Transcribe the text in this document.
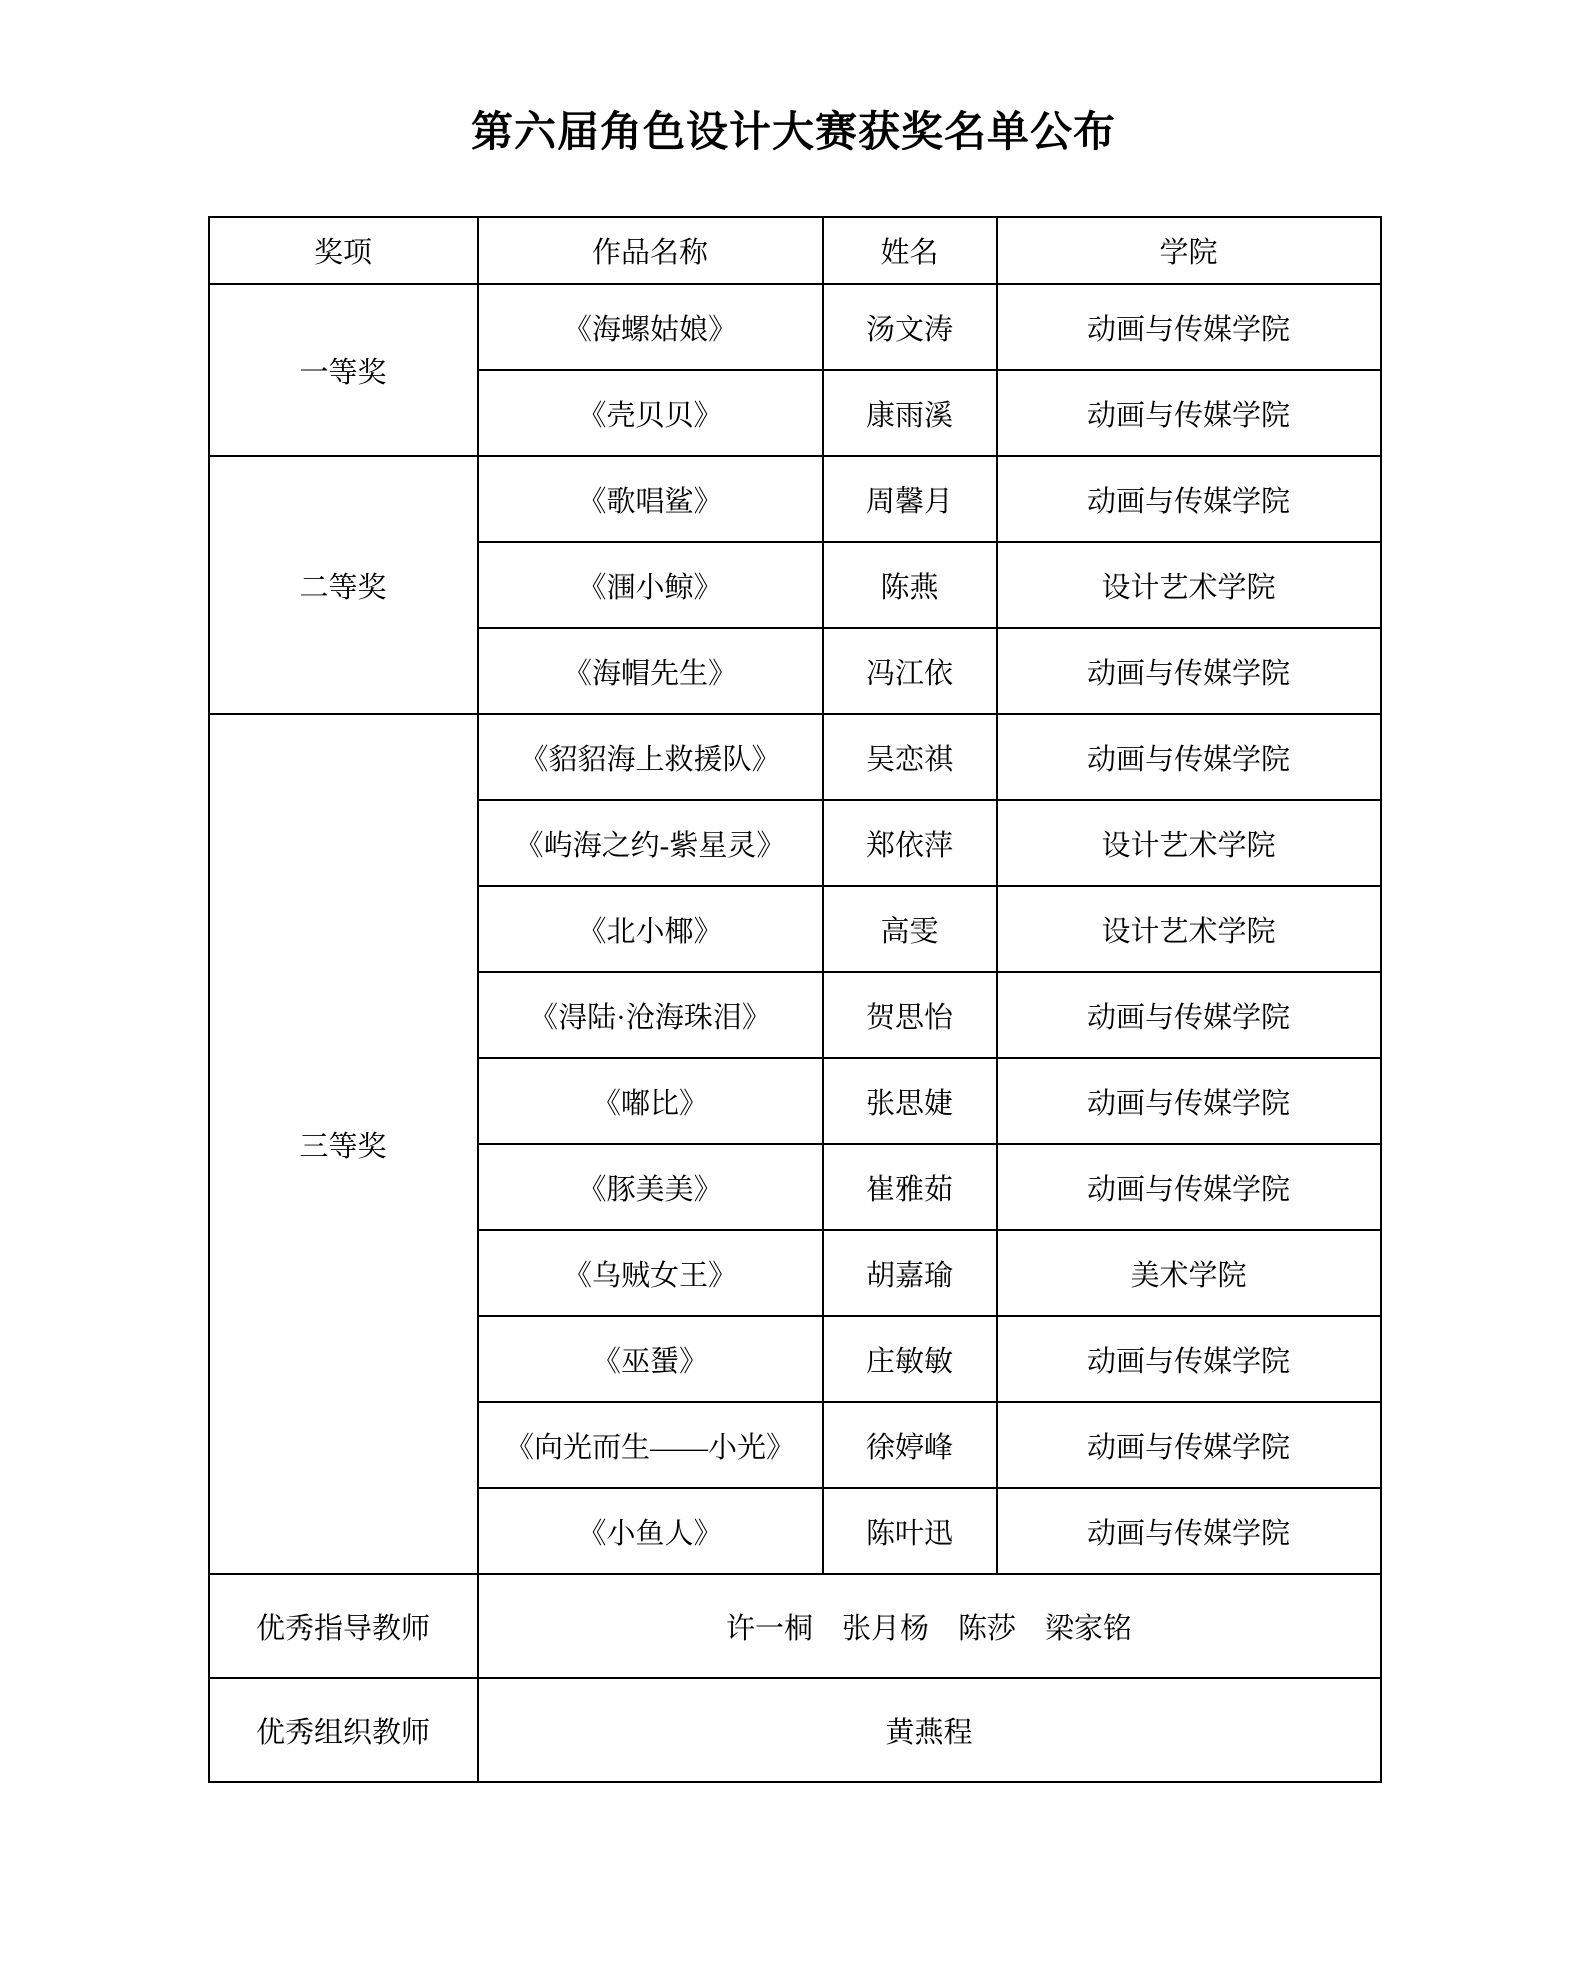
第六届角色设计大赛获奖名单公布
奖项	作品名称	姓名	学院
一等奖	《海螺姑娘》	汤文涛	动画与传媒学院
	《壳贝贝》	康雨溪	动画与传媒学院
二等奖	《歌唱鲨》	周馨月	动画与传媒学院
	《涠小鲸》	陈燕	设计艺术学院
	《海帽先生》	冯江依	动画与传媒学院
三等奖	《貂貂海上救援队》	吴恋祺	动画与传媒学院
	《屿海之约-紫星灵》	郑依萍	设计艺术学院
	《北小椰》	高雯	设计艺术学院
	《淂陆·沧海珠泪》	贺思怡	动画与传媒学院
	《嘟比》	张思婕	动画与传媒学院
	《豚美美》	崔雅茹	动画与传媒学院
	《乌贼女王》	胡嘉瑜	美术学院
	《巫蜑》	庄敏敏	动画与传媒学院
	《向光而生——小光》	徐婷峰	动画与传媒学院
	《小鱼人》	陈叶迅	动画与传媒学院
优秀指导教师	许一桐　张月杨　陈莎　梁家铭		
优秀组织教师	黄燕程		
